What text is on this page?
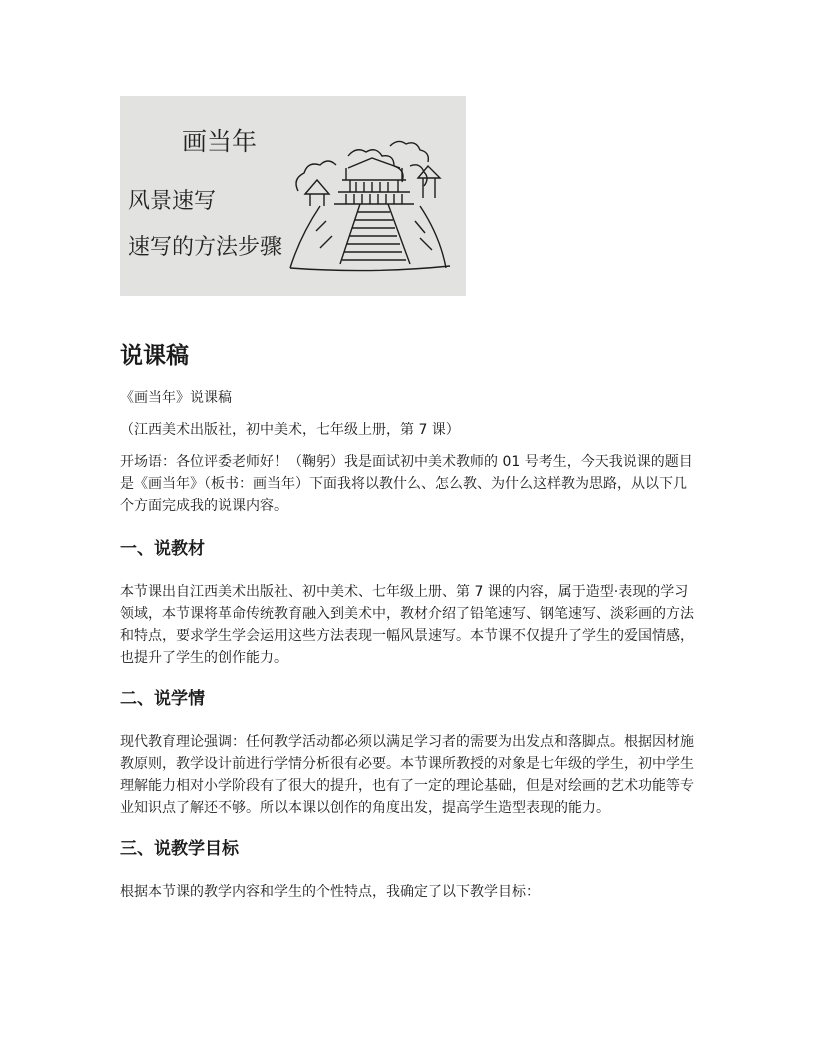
画当年
风景速写
速写的方法步骤
说课稿

《画当年》说课稿

（江西美术出版社，初中美术，七年级上册，第 7 课）

开场语：各位评委老师好！（鞠躬）我是面试初中美术教师的 01 号考生，今天我说课的题目是《画当年》（板书：画当年）下面我将以教什么、怎么教、为什么这样教为思路，从以下几个方面完成我的说课内容。

一、说教材

本节课出自江西美术出版社、初中美术、七年级上册、第 7 课的内容，属于造型·表现的学习领域，本节课将革命传统教育融入到美术中，教材介绍了铅笔速写、钢笔速写、淡彩画的方法和特点，要求学生学会运用这些方法表现一幅风景速写。本节课不仅提升了学生的爱国情感，也提升了学生的创作能力。

二、说学情

现代教育理论强调：任何教学活动都必须以满足学习者的需要为出发点和落脚点。根据因材施教原则，教学设计前进行学情分析很有必要。本节课所教授的对象是七年级的学生，初中学生理解能力相对小学阶段有了很大的提升，也有了一定的理论基础，但是对绘画的艺术功能等专业知识点了解还不够。所以本课以创作的角度出发，提高学生造型表现的能力。

三、说教学目标

根据本节课的教学内容和学生的个性特点，我确定了以下教学目标：
